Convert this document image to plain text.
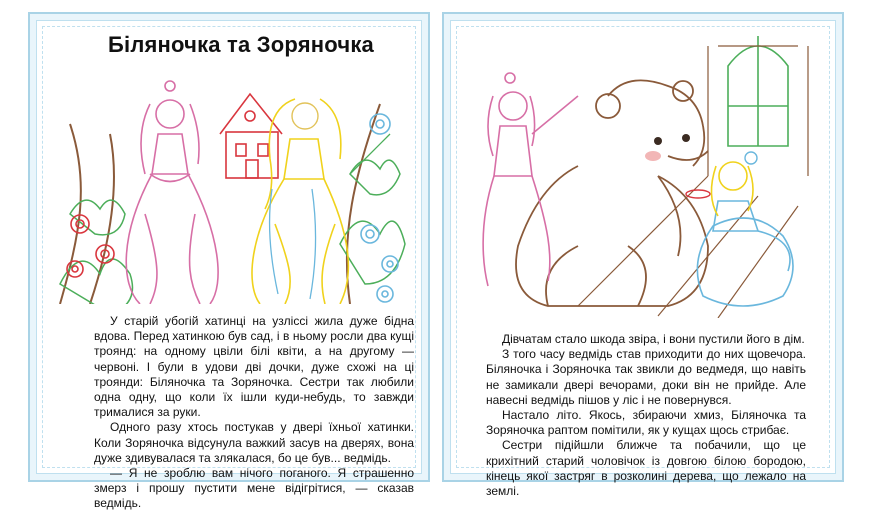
Біляночка та Зоряночка

У старій убогій хатинці на узліссі жила дуже бідна вдова. Перед хатинкою був сад, і в ньому росли два кущі троянд: на одному цвіли білі квіти, а на другому — червоні. І були в удови дві дочки, дуже схожі на ці троянди: Біляночка та Зоряночка. Сестри так любили одна одну, що коли їх ішли куди-небудь, то завжди трималися за руки.

Одного разу хтось постукав у двері їхньої хатинки. Коли Зоряночка відсунула важкий засув на дверях, вона дуже здивувалася та злякалася, бо це був... ведмідь.

— Я не зроблю вам нічого поганого. Я страшенно змерз і прошу пустити мене відігрітися, — сказав ведмідь.

Дівчатам стало шкода звіра, і вони пустили його в дім.

З того часу ведмідь став приходити до них щовечора. Біляночка і Зоряночка так звикли до ведмедя, що навіть не замикали двері вечорами, доки він не прийде. Але навесні ведмідь пішов у ліс і не повернувся.

Настало літо. Якось, збираючи хмиз, Біляночка та Зоряночка раптом помітили, як у кущах щось стрибає.

Сестри підійшли ближче та побачили, що це крихітний старий чоловічок із довгою білою бородою, кінець якої застряг в розколині дерева, що лежало на землі.
